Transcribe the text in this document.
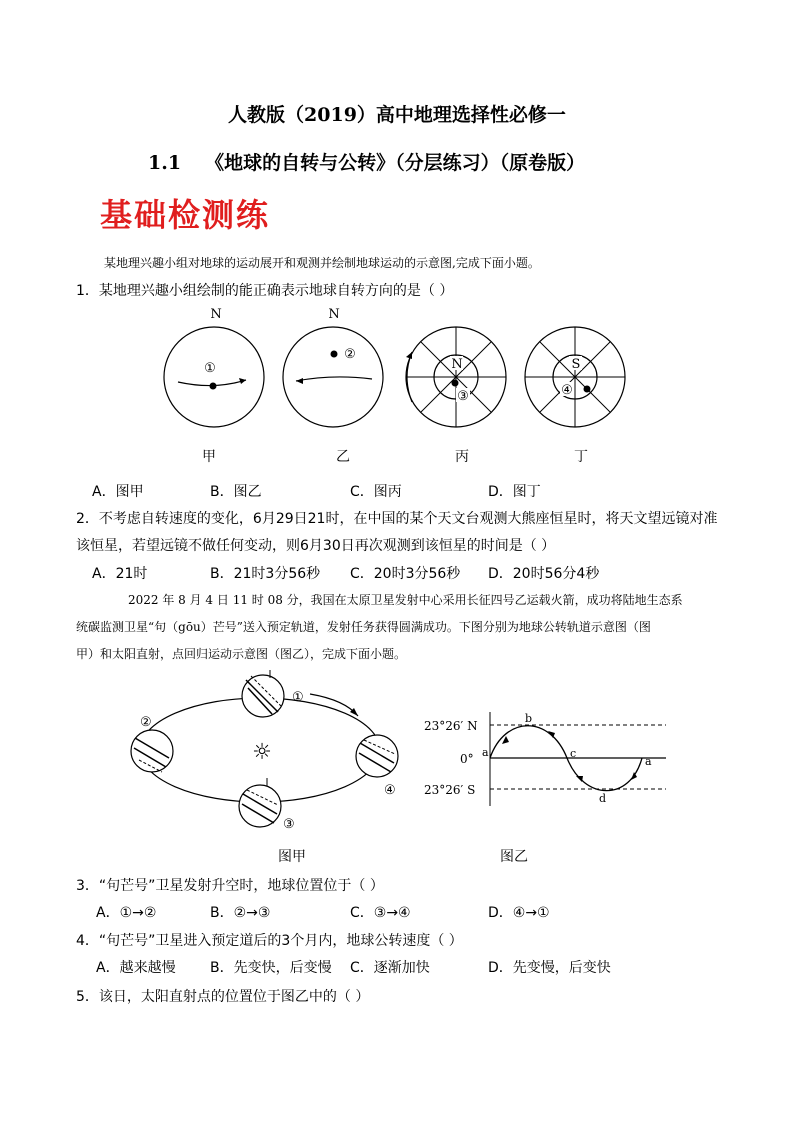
人教版（2019）高中地理选择性必修一
1.1 《地球的自转与公转》（分层练习）（原卷版）
基础检测练
某地理兴趣小组对地球的运动展开和观测并绘制地球运动的示意图,完成下面小题。
1．某地理兴趣小组绘制的能正确表示地球自转方向的是（ ）
N
①
N
②
N
③
S
④
甲	乙	丙	丁
A．图甲	B．图乙	C．图丙	D．图丁
2．不考虑自转速度的变化，6月29日21时，在中国的某个天文台观测大熊座恒星时，将天文望远镜对准
该恒星，若望远镜不做任何变动，则6月30日再次观测到该恒星的时间是（ ）
A．21时	B．21时3分56秒 C．20时3分56秒 D．20时56分4秒
2022 年 8 月 4 日 11 时 08 分，我国在太原卫星发射中心采用长征四号乙运载火箭，成功将陆地生态系
统碳监测卫星“句（gōu）芒号”送入预定轨道，发射任务获得圆满成功。下图分别为地球公转轨道示意图（图
甲）和太阳直射，点回归运动示意图（图乙），完成下面小题。
☼
①
②
③
④
23°26′ N
0°
23°26′ S
a
b
c
d
a
图甲	图乙
3．“句芒号”卫星发射升空时，地球位置位于（ ）
A．①→②	B．②→③	C．③→④	D．④→①
4．“句芒号”卫星进入预定道后的3个月内，地球公转速度（ ）
A．越来越慢 B．先变快，后变慢 C．逐渐加快	D．先变慢，后变快
5．该日，太阳直射点的位置位于图乙中的（ ）
